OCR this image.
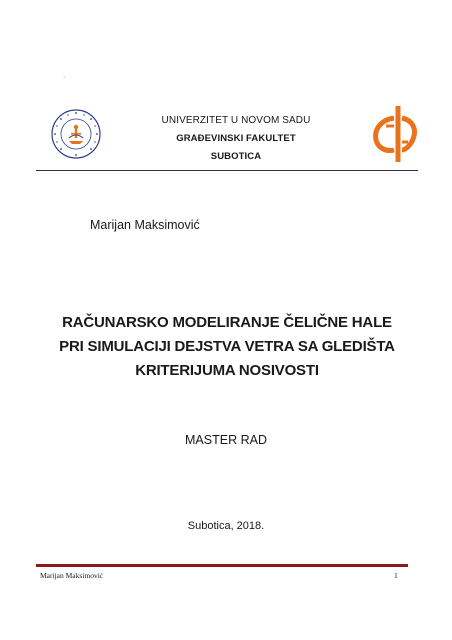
·
UNIVERZITET U NOVOM SADU
GRAĐEVINSKI FAKULTET
SUBOTICA
Marijan Maksimović
RAČUNARSKO MODELIRANJE ČELIČNE HALE
PRI SIMULACIJI DEJSTVA VETRA SA GLEDIŠTA
KRITERIJUMA NOSIVOSTI
MASTER RAD
Subotica, 2018.
Marijan Maksimović	1
